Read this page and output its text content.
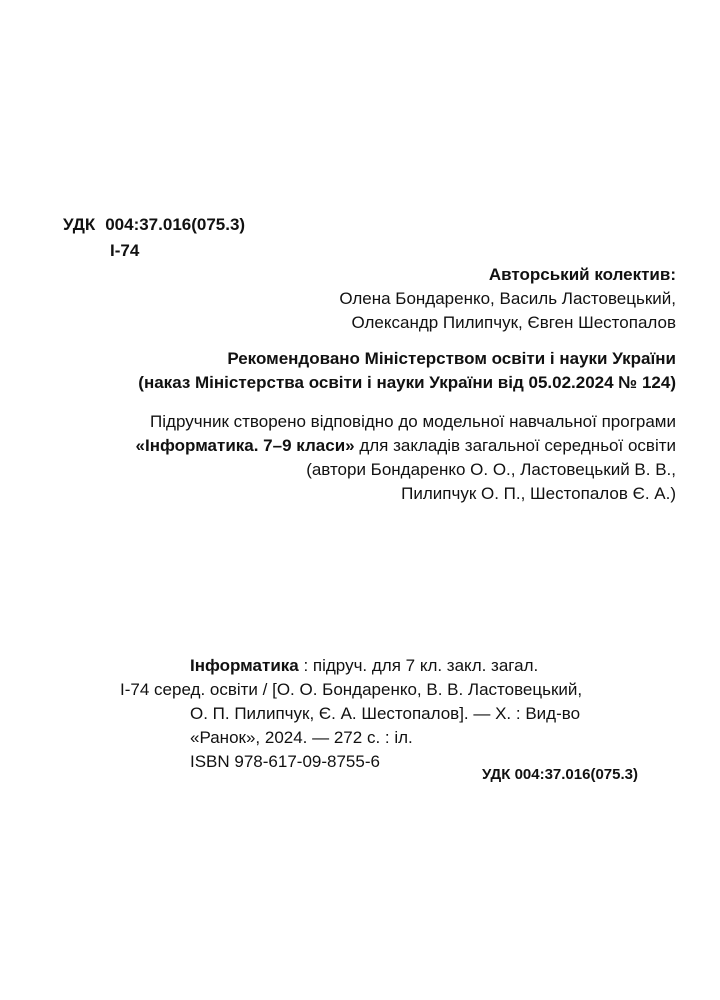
УДК 004:37.016(075.3)
І-74
Авторський колектив:
Олена Бондаренко, Василь Ластовецький,
Олександр Пилипчук, Євген Шестопалов
Рекомендовано Міністерством освіти і науки України
(наказ Міністерства освіти і науки України від 05.02.2024 № 124)
Підручник створено відповідно до модельної навчальної програми
«Інформатика. 7–9 класи» для закладів загальної середньої освіти
(автори Бондаренко О. О., Ластовецький В. В.,
Пилипчук О. П., Шестопалов Є. А.)
Інформатика : підруч. для 7 кл. закл. загал.
І-74 серед. освіти / [О. О. Бондаренко, В. В. Ластовецький,
О. П. Пилипчук, Є. А. Шестопалов]. — Х. : Вид-во
«Ранок», 2024. — 272 с. : іл.
ISBN 978-617-09-8755-6
УДК 004:37.016(075.3)
